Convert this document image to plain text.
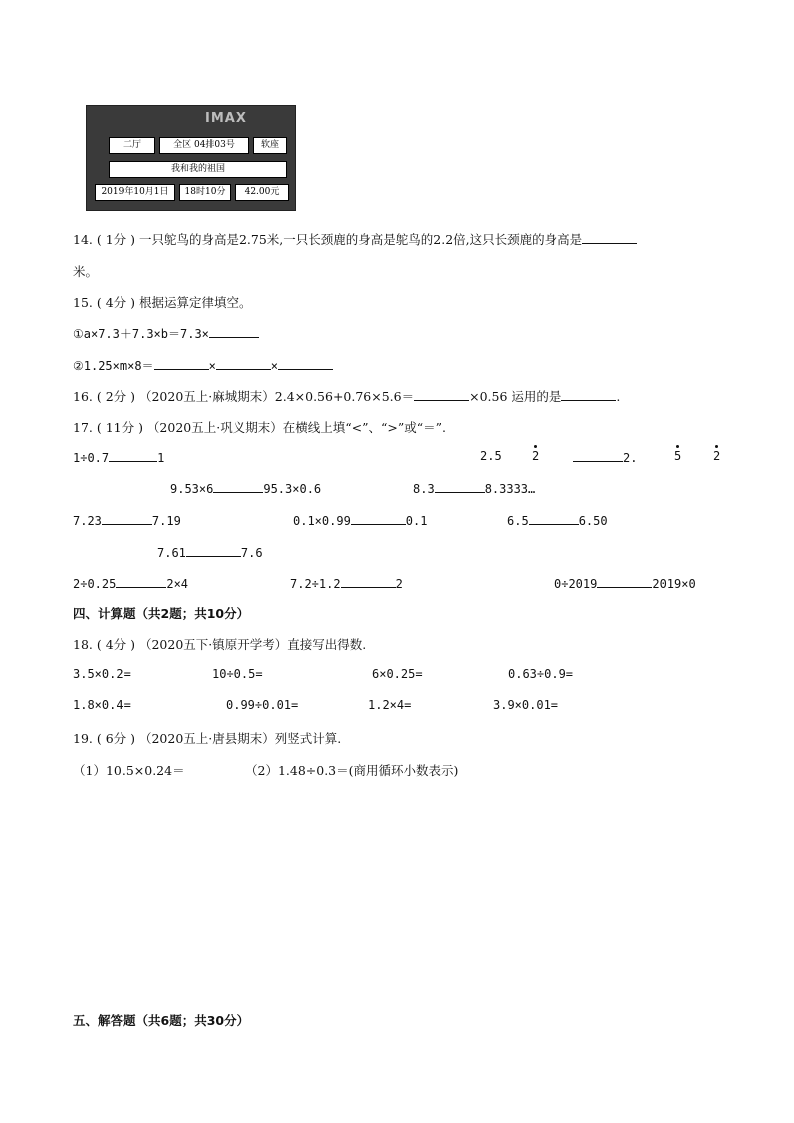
IMAX
二厅	全区 04排03号	软座
我和我的祖国
2019年10月1日	18时10分	42.00元
14. ( 1分 ) 一只鸵鸟的身高是2.75米,一只长颈鹿的身高是鸵鸟的2.2倍,这只长颈鹿的身高是
米。
15. ( 4分 ) 根据运算定律填空。
①a×7.3＋7.3×b＝7.3×
②1.25×m×8＝	×	×
16. ( 2分 ) （2020五上·麻城期末）2.4×0.56+0.76×5.6＝	×0.56 运用的是	.
17. ( 11分 ) （2020五上·巩义期末）在横线上填“<”、“>”或“＝”.
1÷0.7	1	2.5	2	2.	5	2
9.53×6	95.3×0.6	8.3	8.3333…
7.23	7.19	0.1×0.99	0.1	6.5	6.50
7.61	7.6
2÷0.25	2×4	7.2÷1.2	2	0÷2019	2019×0
四、计算题（共2题；共10分）
18. ( 4分 ) （2020五下·镇原开学考）直接写出得数.
3.5×0.2=	10÷0.5=	6×0.25=	0.63÷0.9=
1.8×0.4=	0.99÷0.01=	1.2×4=	3.9×0.01=
19. ( 6分 ) （2020五上·唐县期末）列竖式计算.
（1）10.5×0.24＝	（2）1.48÷0.3＝(商用循环小数表示)
五、解答题（共6题；共30分）
